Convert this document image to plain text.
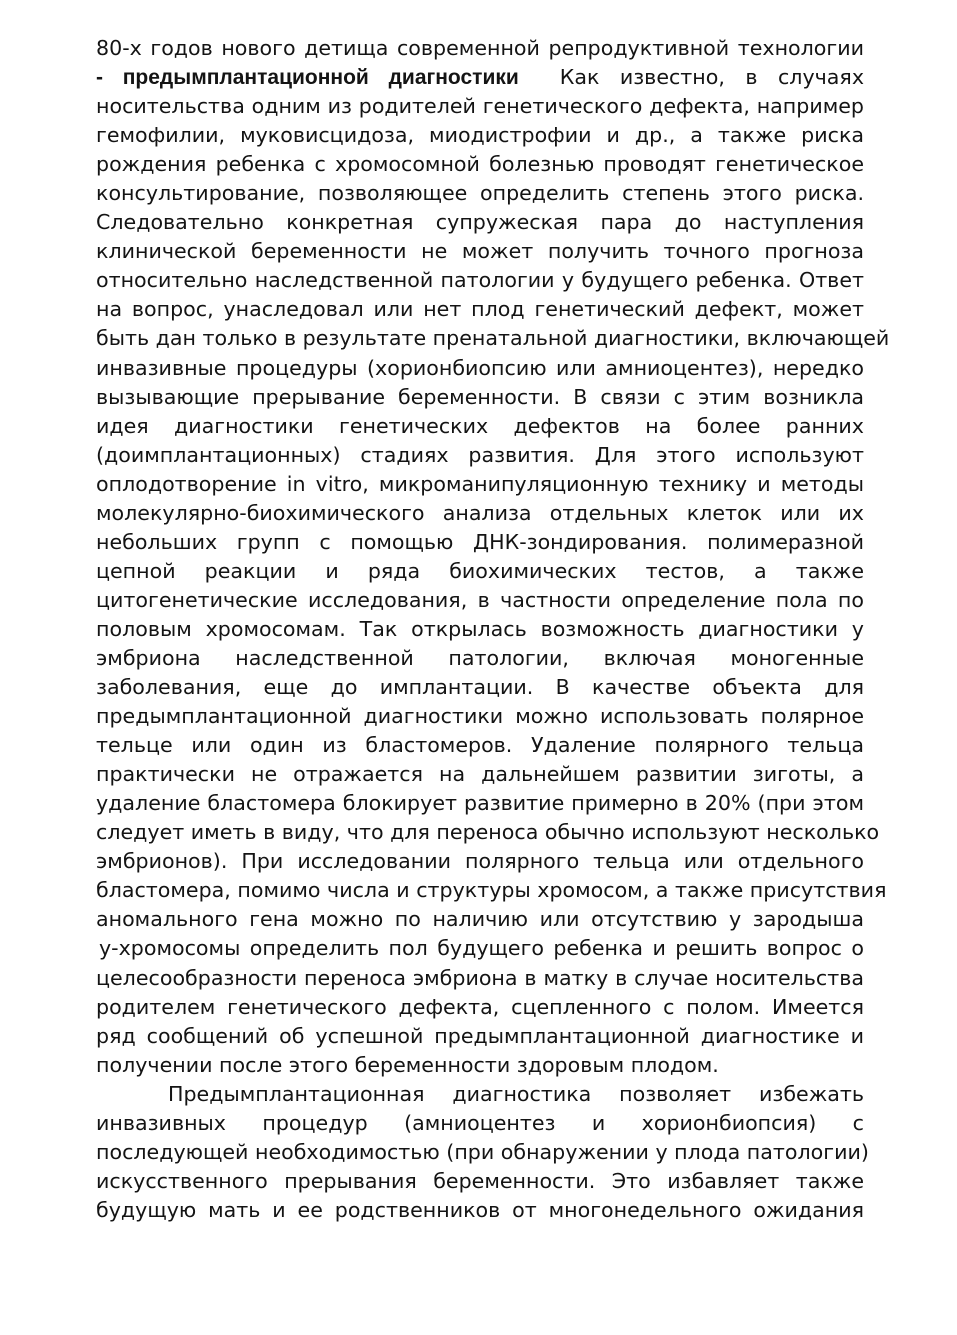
80-х годов нового детища современной репродуктивной технологии
- предымплантационной диагностики Как известно, в случаях
носительства одним из родителей генетического дефекта, например
гемофилии, муковисцидоза, миодистрофии и др., а также риска
рождения ребенка с хромосомной болезнью проводят генетическое
консультирование, позволяющее определить степень этого риска.
Следовательно конкретная супружеская пара до наступления
клинической беременности не может получить точного прогноза
относительно наследственной патологии у будущего ребенка. Ответ
на вопрос, унаследовал или нет плод генетический дефект, может
быть дан только в результате пренатальной диагностики, включающей
инвазивные процедуры (хорионбиопсию или амниоцентез), нередко
вызывающие прерывание беременности. В связи с этим возникла
идея диагностики генетических дефектов на более ранних
(доимплантационных) стадиях развития. Для этого используют
оплодотворение in vitro, микроманипуляционную технику и методы
молекулярно-биохимического анализа отдельных клеток или их
небольших групп с помощью ДНК-зондирования. полимеразной
цепной реакции и ряда биохимических тестов, а также
цитогенетические исследования, в частности определение пола по
половым хромосомам. Так открылась возможность диагностики у
эмбриона наследственной патологии, включая моногенные
заболевания, еще до имплантации. В качестве объекта для
предымплантационной диагностики можно использовать полярное
тельце или один из бластомеров. Удаление полярного тельца
практически не отражается на дальнейшем развитии зиготы, а
удаление бластомера блокирует развитие примерно в 20% (при этом
следует иметь в виду, что для переноса обычно используют несколько
эмбрионов). При исследовании полярного тельца или отдельного
бластомера, помимо числа и структуры хромосом, а также присутствия
аномального гена можно по наличию или отсутствию у зародыша
у-хромосомы определить пол будущего ребенка и решить вопрос о
целесообразности переноса эмбриона в матку в случае носительства
родителем генетического дефекта, сцепленного с полом. Имеется
ряд сообщений об успешной предымплантационной диагностике и
получении после этого беременности здоровым плодом.
Предымплантационная диагностика позволяет избежать
инвазивных процедур (амниоцентез и хорионбиопсия) с
последующей необходимостью (при обнаружении у плода патологии)
искусственного прерывания беременности. Это избавляет также
будущую мать и ее родственников от многонедельного ожидания
